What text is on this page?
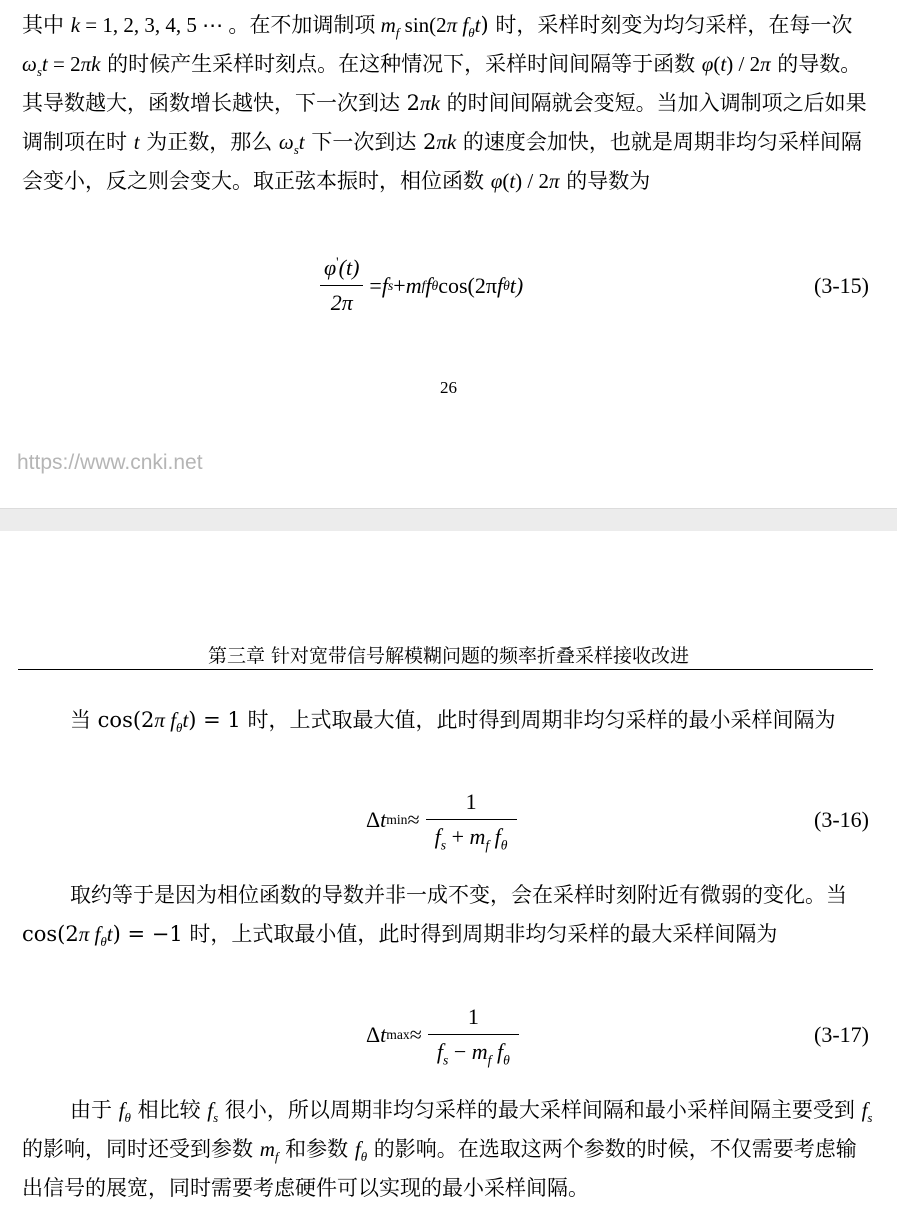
其中 k = 1, 2, 3, 4, 5 ⋯ 。在不加调制项 $m_f$ sin(2π $f_\theta t$) 时，采样时刻变为均匀采样，在每一次 $\omega_st = 2\pi k$ 的时候产生采样时刻点。在这种情况下，采样时间间隔等于函数 φ(t) / 2π 的导数。其导数越大，函数增长越快，下一次到达 2πk 的时间间隔就会变短。当加入调制项之后如果调制项在时 t 为正数，那么 $\omega_st$ 下一次到达 2πk 的速度会加快，也就是周期非均匀采样间隔会变小，反之则会变大。取正弦本振时，相位函数 φ(t) / 2π 的导数为

$\frac{\varphi'(t)}{2\pi} = f$ s + m f f θ cos(2π f θ t)	(3-15)
26
https://www.cnki.net
第三章 针对宽带信号解模糊问题的频率折叠采样接收改进

当 cos(2π $f_\theta t) = 1$ 时，上式取最大值，此时得到周期非均匀采样的最小采样间隔为

Δ t $\min \approx \frac{1}{f_s + m_f f_\theta}$	(3-16)

取约等于是因为相位函数的导数并非一成不变，会在采样时刻附近有微弱的变化。当 cos(2π $f_\theta t) = -1$ 时，上式取最小值，此时得到周期非均匀采样的最大采样间隔为

Δ t $\max \approx \frac{1}{f_s - m_f f_\theta}$	(3-17)

由于 $f_\theta$ 相比较 $f_s$ 很小，所以周期非均匀采样的最大采样间隔和最小采样间隔主要受到 $f_s$ 的影响，同时还受到参数 $m_f$ 和参数 $f_\theta$ 的影响。在选取这两个参数的时候，不仅需要考虑输出信号的展宽，同时需要考虑硬件可以实现的最小采样间隔。
